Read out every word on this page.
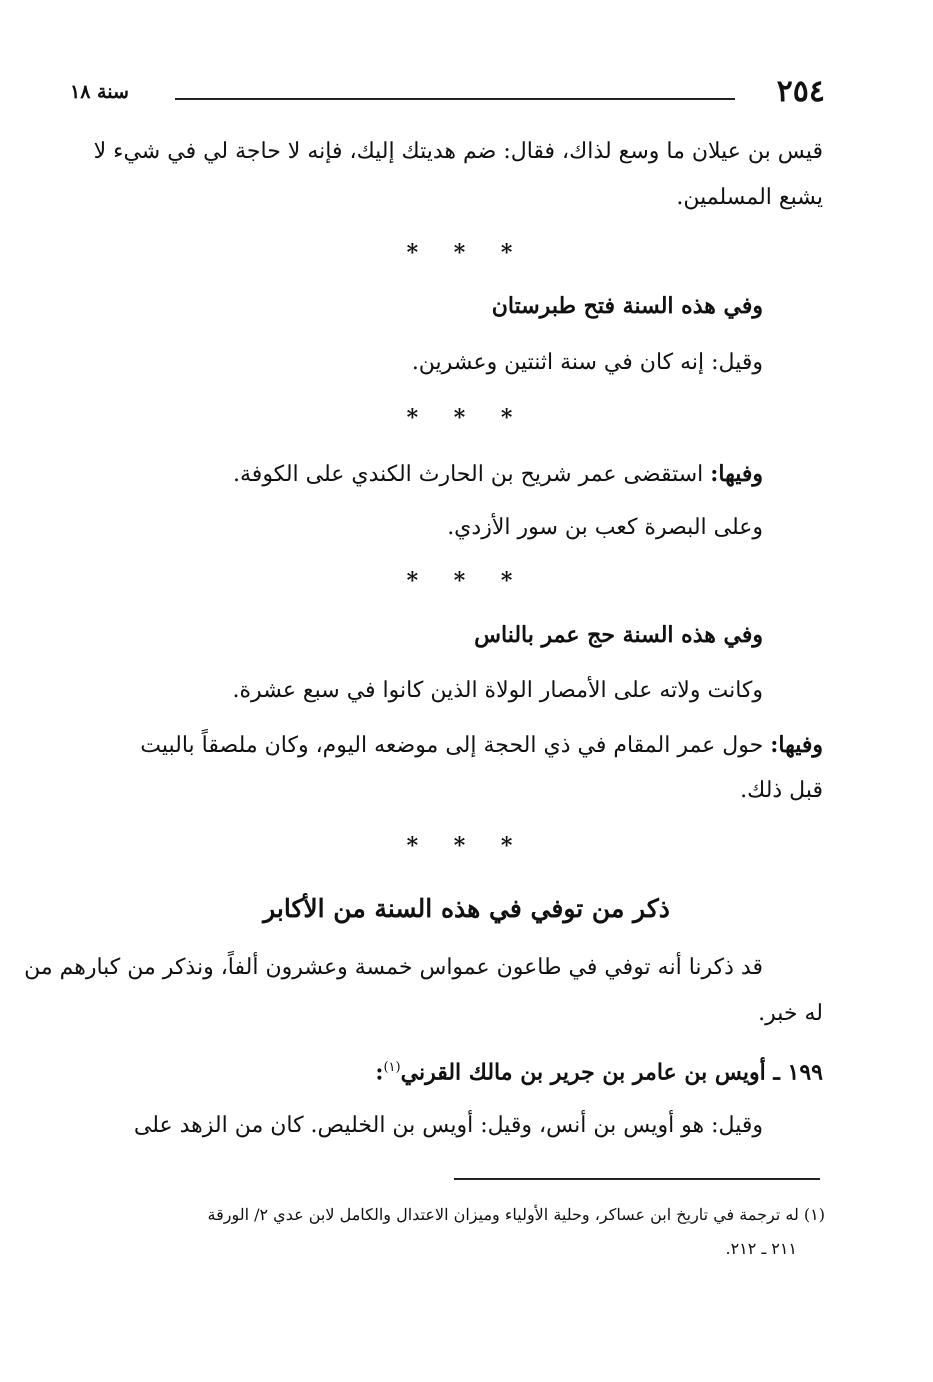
٢٥٤
سنة ١٨
قيس بن عيلان ما وسع لذاك، فقال: ضم هديتك إليك، فإنه لا حاجة لي في شيء لا
يشبع المسلمين.
* * *
وفي هذه السنة فتح طبرستان
وقيل: إنه كان في سنة اثنتين وعشرين.
* * *
وفيها: استقضى عمر شريح بن الحارث الكندي على الكوفة.
وعلى البصرة كعب بن سور الأزدي.
* * *
وفي هذه السنة حج عمر بالناس
وكانت ولاته على الأمصار الولاة الذين كانوا في سبع عشرة.
وفيها: حول عمر المقام في ذي الحجة إلى موضعه اليوم، وكان ملصقاً بالبيت
قبل ذلك.
* * *
ذكر من توفي في هذه السنة من الأكابر
قد ذكرنا أنه توفي في طاعون عمواس خمسة وعشرون ألفاً، ونذكر من كبارهم من
له خبر.
١٩٩ ـ أويس بن عامر بن جرير بن مالك القرني$^{(١)}$:
وقيل: هو أويس بن أنس، وقيل: أويس بن الخليص. كان من الزهد على
(١) له ترجمة في تاريخ ابن عساكر، وحلية الأولياء وميزان الاعتدال والكامل لابن عدي ٢/ الورقة
٢١١ ـ ٢١٢.
